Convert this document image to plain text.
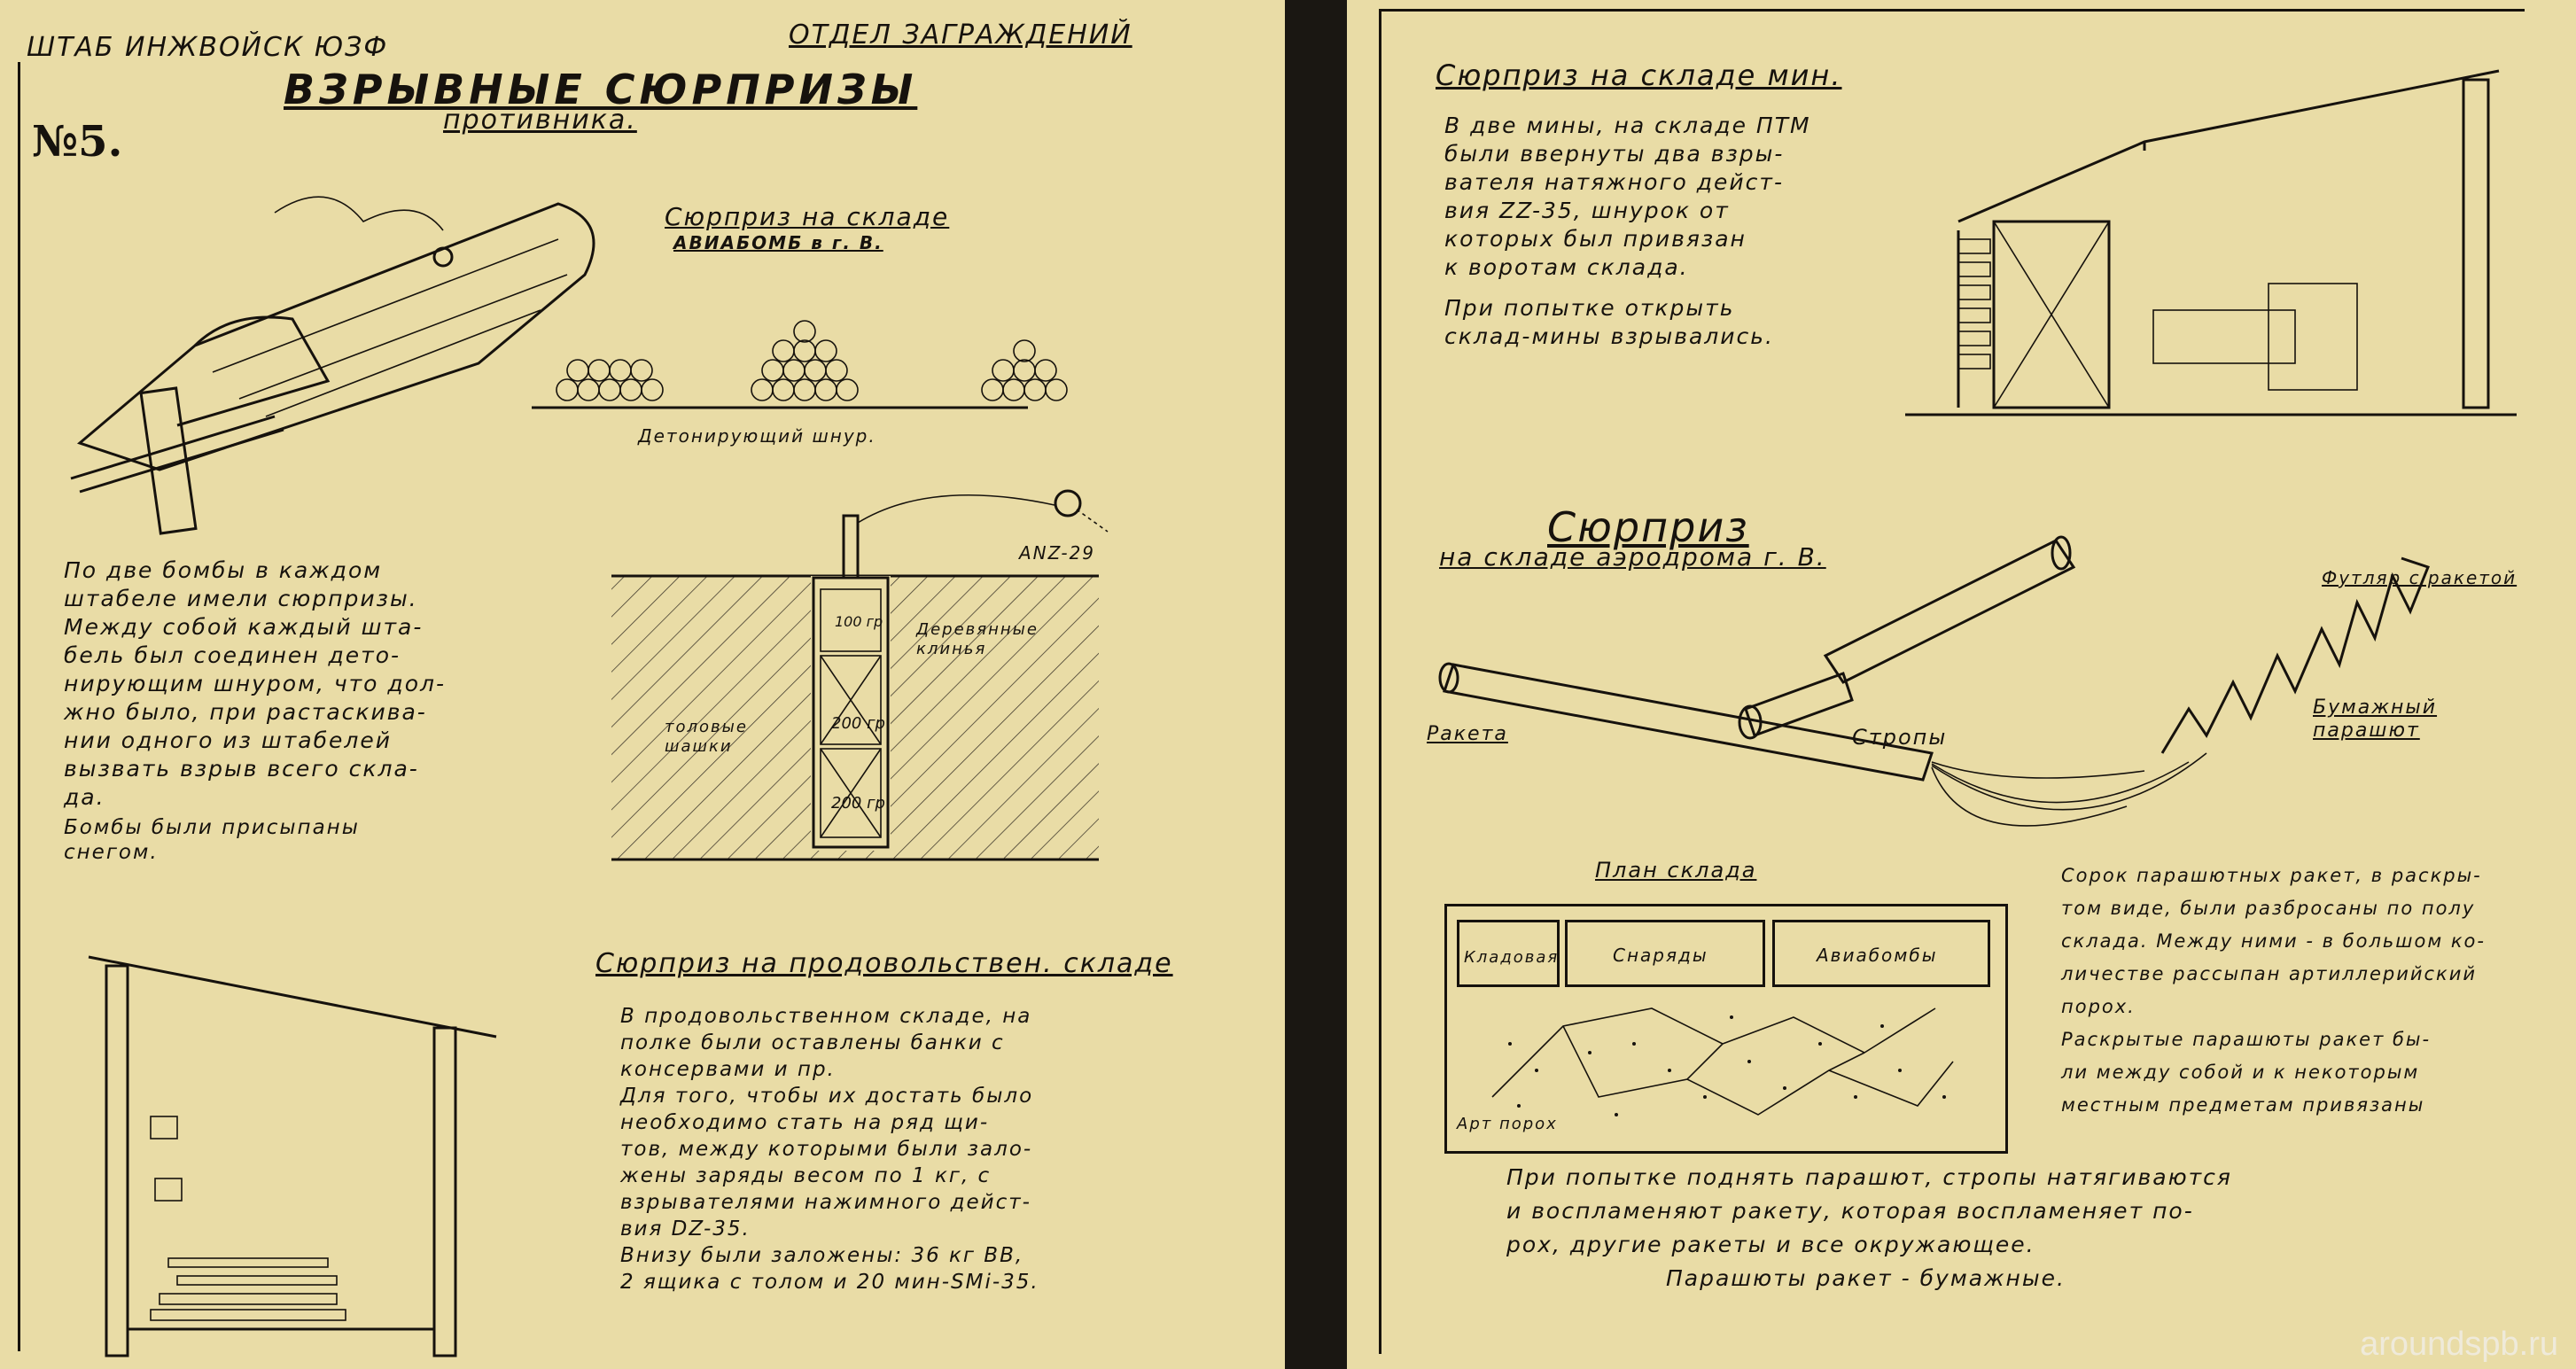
ШТАБ ИНЖВОЙСК ЮЗФ	ОТДЕЛ ЗАГРАЖДЕНИЙ
ВЗРЫВНЫЕ СЮРПРИЗЫ
противника.
№5.
Сюрприз на складе
АВИАБОМБ в г. В.
Детонирующий шнур.
По две бомбы в каждом
штабеле имели сюрпризы.
Между собой каждый шта-
бель был соединен дето-
нирующим шнуром, что дол-
жно было, при растаскива-
нии одного из штабелей
вызвать взрыв всего скла-
да.
Бомбы были присыпаны
снегом.
ANZ-29
100 гр Деревянные клинья
толовые шашки
200 гр
200 гр
Сюрприз на продовольствен. складе
В продовольственном складе, на
полке были оставлены банки с
консервами и пр.
Для того, чтобы их достать было
необходимо стать на ряд щи-
тов, между которыми были зало-
жены заряды весом по 1 кг, с
взрывателями нажимного дейст-
вия DZ-35.
Внизу были заложены: 36 кг ВВ,
2 ящика с толом и 20 мин-SMi-35.
Сюрприз на складе мин.
В две мины, на складе ПТМ
были ввернуты два взры-
вателя натяжного дейст-
вия ZZ-35, шнурок от
которых был привязан
к воротам склада.
При попытке открыть
склад-мины взрывались.
Сюрприз
на складе аэродрома г. В.
Футляр с ракетой
Ракета	Стропы
Бумажный парашют
План склада
Кладовая	Снаряды	Авиабомбы
Арт порох
Сорок парашютных ракет, в раскры-
том виде, были разбросаны по полу
склада. Между ними - в большом ко-
личестве рассыпан артиллерийский
порох.
Раскрытые парашюты ракет бы-
ли между собой и к некоторым
местным предметам привязаны
При попытке поднять парашют, стропы натягиваются
и воспламеняют ракету, которая воспламеняет по-
рох, другие ракеты и все окружающее.
Парашюты ракет - бумажные.
aroundspb.ru
